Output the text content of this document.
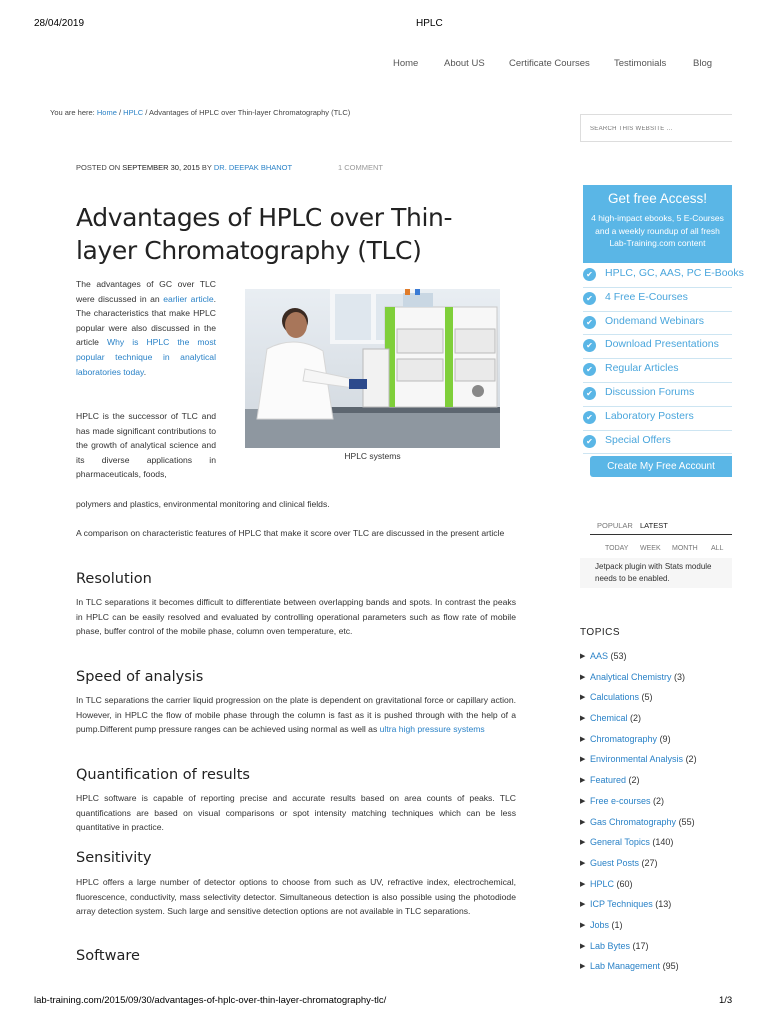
28/04/2019	HPLC
lab-training.com/2015/09/30/advantages-of-hplc-over-thin-layer-chromatography-tlc/	1/3
Home	About US	Certificate Courses	Testimonials	Blog
You are here: Home / HPLC / Advantages of HPLC over Thin-layer Chromatography (TLC)
SEARCH THIS WEBSITE ...
POSTED ON SEPTEMBER 30, 2015 BY DR. DEEPAK BHANOT	1 COMMENT
Advantages of HPLC over Thin-layer Chromatography (TLC)
The advantages of GC over TLC were discussed in an earlier article. The characteristics that make HPLC popular were also discussed in the article Why is HPLC the most popular technique in analytical laboratories today.
HPLC is the successor of TLC and has made significant contributions to the growth of analytical science and its diverse applications in pharmaceuticals, foods,
polymers and plastics, environmental monitoring and clinical fields.
HPLC systems
A comparison on characteristic features of HPLC that make it score over TLC are discussed in the present article
Resolution
In TLC separations it becomes difficult to differentiate between overlapping bands and spots. In contrast the peaks in HPLC can be easily resolved and evaluated by controlling operational parameters such as flow rate of mobile phase, buffer control of the mobile phase, column oven temperature, etc.
Speed of analysis
In TLC separations the carrier liquid progression on the plate is dependent on gravitational force or capillary action. However, in HPLC the flow of mobile phase through the column is fast as it is pushed through with the help of a pump.Different pump pressure ranges can be achieved using normal as well as ultra high pressure systems
Quantification of results
HPLC software is capable of reporting precise and accurate results based on area counts of peaks. TLC quantifications are based on visual comparisons or spot intensity matching techniques which can be less quantitative in practice.
Sensitivity
HPLC offers a large number of detector options to choose from such as UV, refractive index, electrochemical, fluorescence, conductivity, mass selectivity detector. Simultaneous detection is also possible using the photodiode array detection system. Such large and sensitive detection options are not available in TLC separations.
Software
Get free Access!
4 high-impact ebooks, 5 E-Courses
and a weekly roundup of all fresh
Lab-Training.com content
✔	HPLC, GC, AAS, PC E-Books
✔	4 Free E-Courses
✔	Ondemand Webinars
✔	Download Presentations
✔	Regular Articles
✔	Discussion Forums
✔	Laboratory Posters
✔	Special Offers
Create My Free Account
POPULAR LATEST
TODAY WEEK MONTH ALL
Jetpack plugin with Stats module needs to be enabled.
TOPICS
▶ AAS (53)
▶ Analytical Chemistry (3)
▶ Calculations (5)
▶ Chemical (2)
▶ Chromatography (9)
▶ Environmental Analysis (2)
▶ Featured (2)
▶ Free e-courses (2)
▶ Gas Chromatography (55)
▶ General Topics (140)
▶ Guest Posts (27)
▶ HPLC (60)
▶ ICP Techniques (13)
▶ Jobs (1)
▶ Lab Bytes (17)
▶ Lab Management (95)
